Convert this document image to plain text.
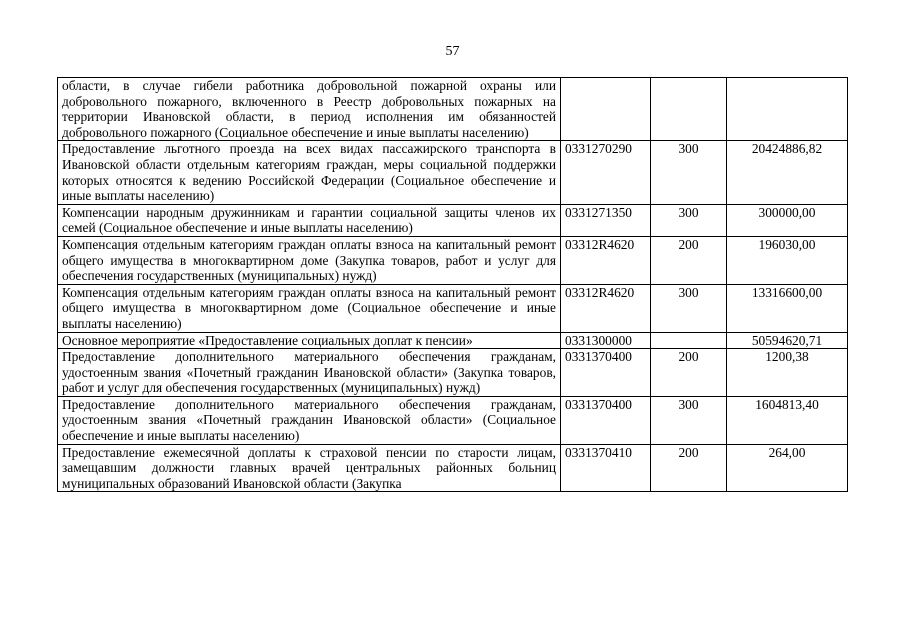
57
области, в случае гибели работника добровольной пожарной охраны или добровольного пожарного, включенного в Реестр добровольных пожарных на территории Ивановской области, в период исполнения им обязанностей добровольного пожарного (Социальное обеспечение и иные выплаты населению)			
Предоставление льготного проезда на всех видах пассажирского транспорта в Ивановской области отдельным категориям граждан, меры социальной поддержки которых относятся к ведению Российской Федерации (Социальное обеспечение и иные выплаты населению)	0331270290	300	20424886,82
Компенсации народным дружинникам и гарантии социальной защиты членов их семей (Социальное обеспечение и иные выплаты населению)	0331271350	300	300000,00
Компенсация отдельным категориям граждан оплаты взноса на капитальный ремонт общего имущества в многоквартирном доме (Закупка товаров, работ и услуг для обеспечения государственных (муниципальных) нужд)	03312R4620	200	196030,00
Компенсация отдельным категориям граждан оплаты взноса на капитальный ремонт общего имущества в многоквартирном доме (Социальное обеспечение и иные выплаты населению)	03312R4620	300	13316600,00
Основное мероприятие «Предоставление социальных доплат к пенсии»	0331300000		50594620,71
Предоставление дополнительного материального обеспечения гражданам, удостоенным звания «Почетный гражданин Ивановской области» (Закупка товаров, работ и услуг для обеспечения государственных (муниципальных) нужд)	0331370400	200	1200,38
Предоставление дополнительного материального обеспечения гражданам, удостоенным звания «Почетный гражданин Ивановской области» (Социальное обеспечение и иные выплаты населению)	0331370400	300	1604813,40
Предоставление ежемесячной доплаты к страховой пенсии по старости лицам, замещавшим должности главных врачей центральных районных больниц муниципальных образований Ивановской области (Закупка	0331370410	200	264,00
